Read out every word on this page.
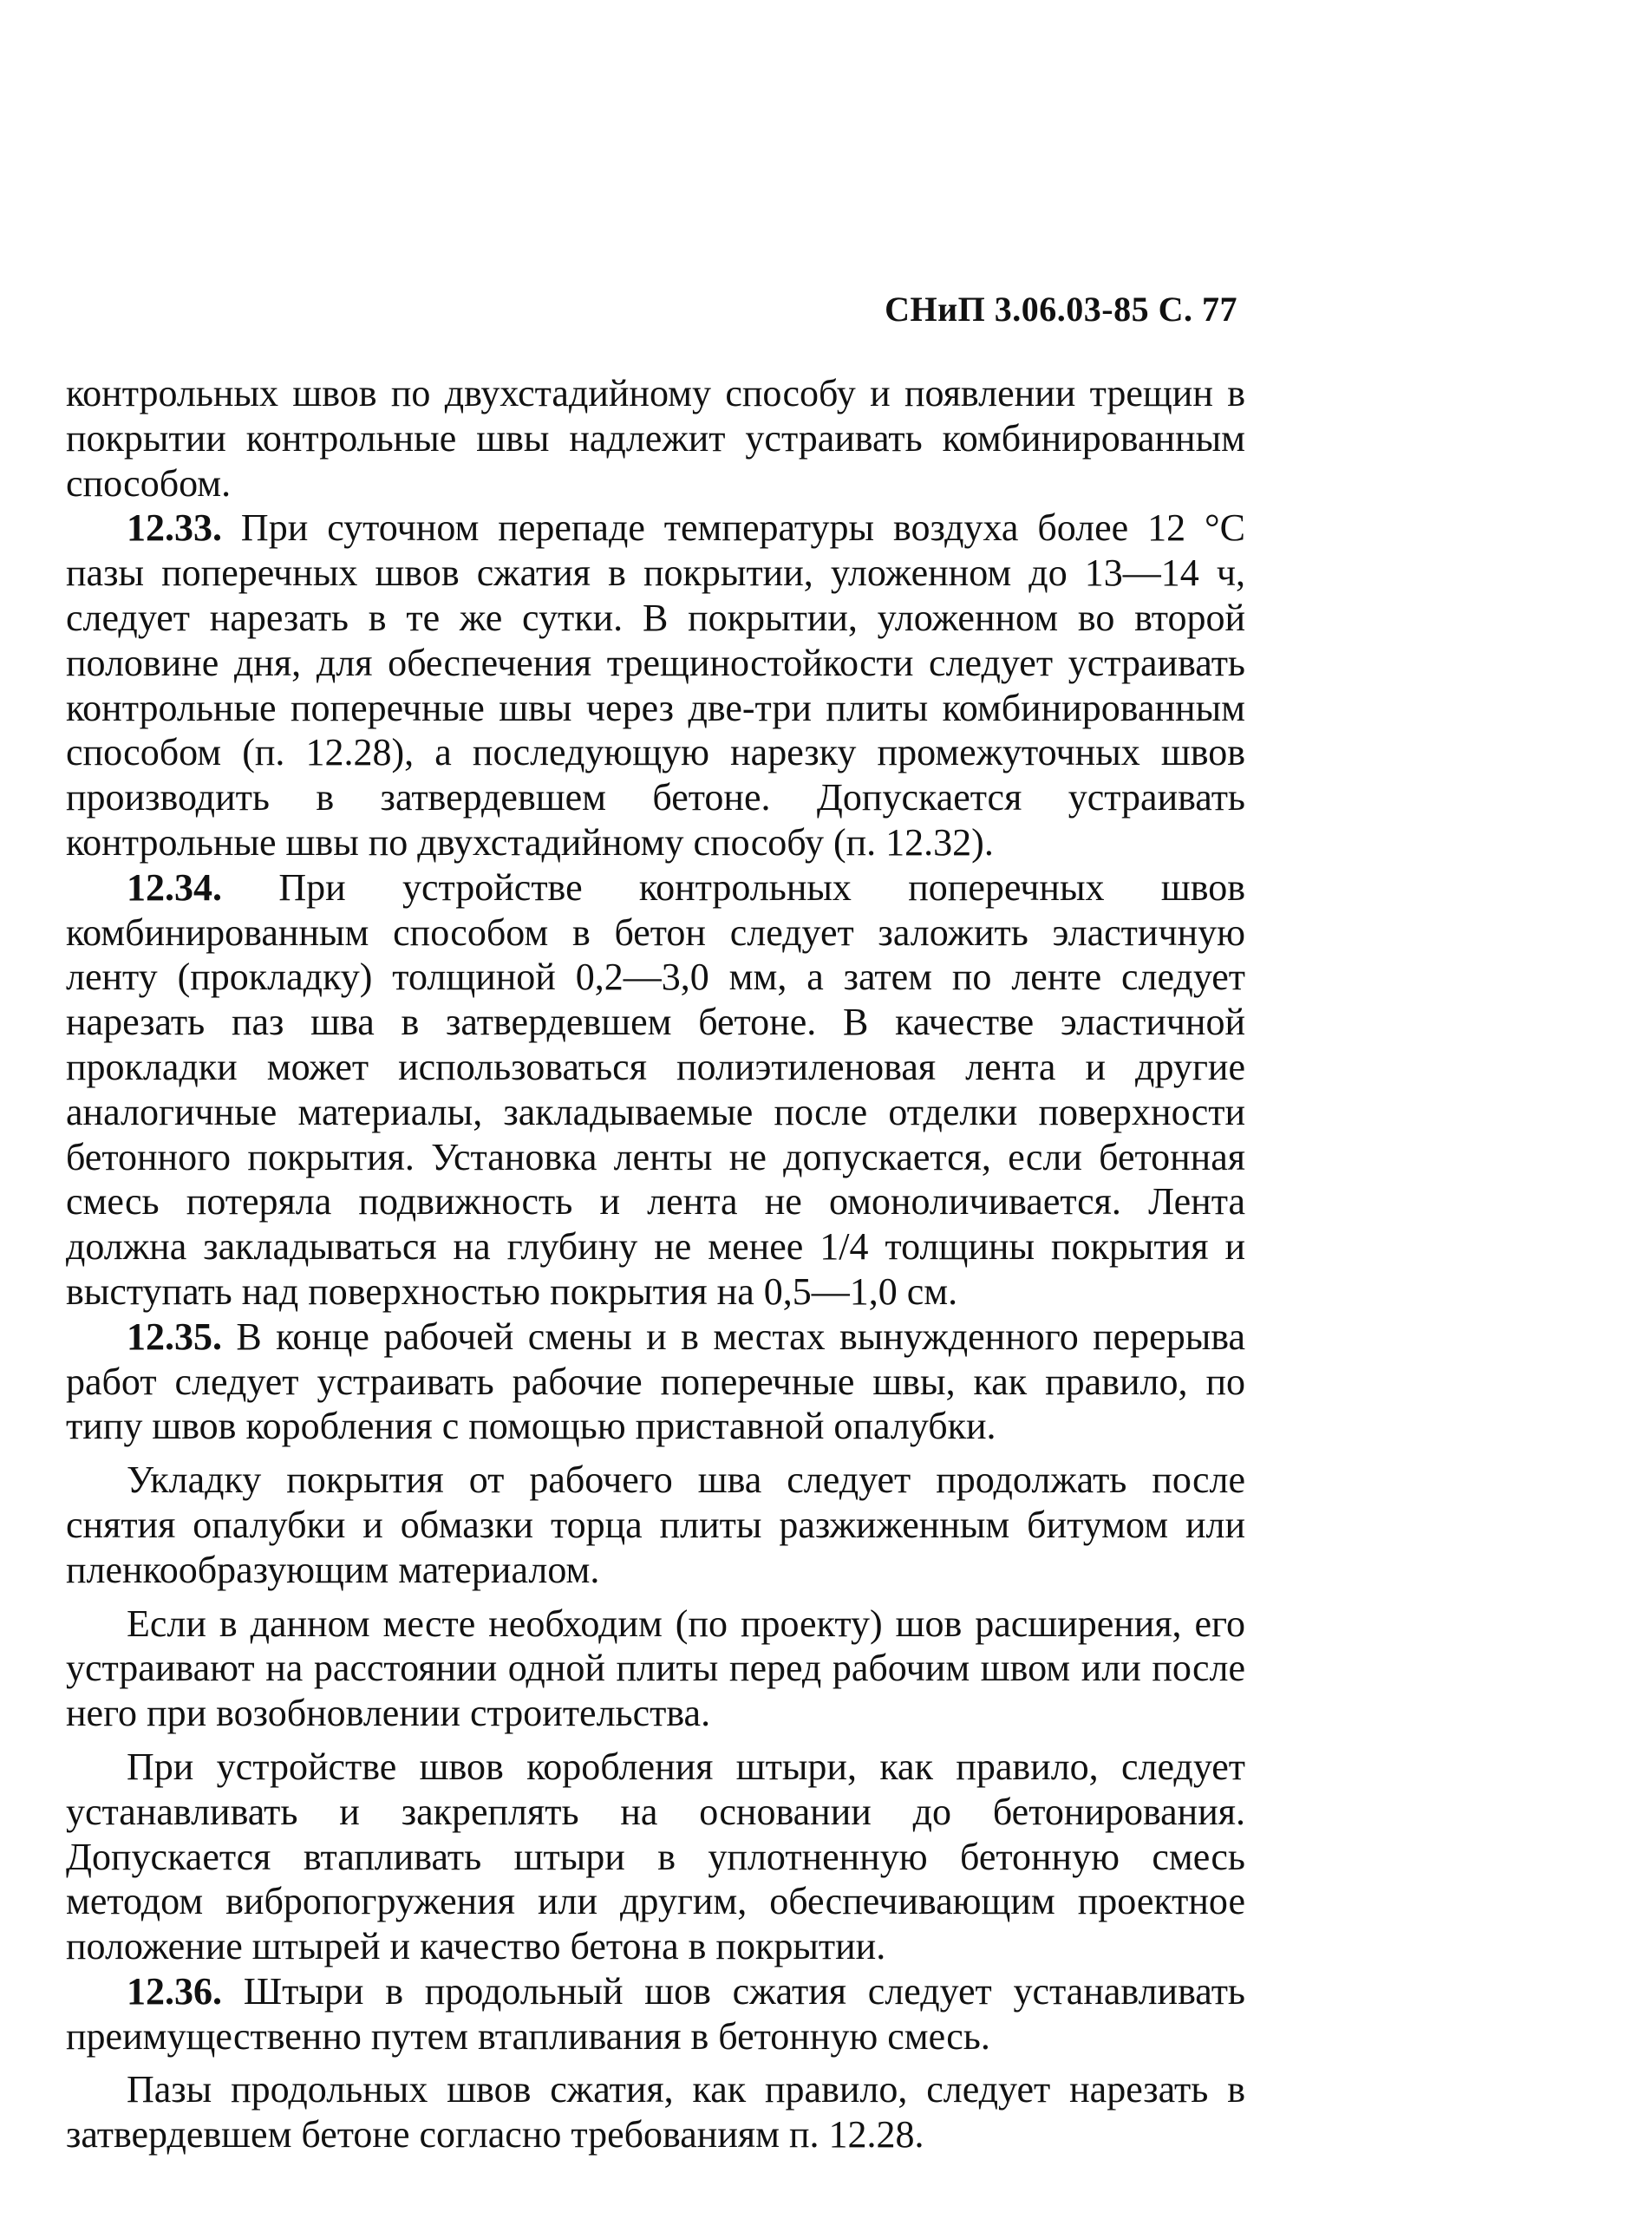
СНиП 3.06.03-85 С. 77

контрольных швов по двухстадийному способу и появлении трещин в покрытии контрольные швы надлежит устраивать комбинированным способом.

12.33. При суточном перепаде температуры воздуха более 12 °С пазы поперечных швов сжатия в покрытии, уложенном до 13—14 ч, следует нарезать в те же сутки. В покрытии, уложенном во второй половине дня, для обеспечения трещиностойкости следует устраивать контрольные поперечные швы через две-три плиты комбинированным способом (п. 12.28), а последующую нарезку промежуточных швов производить в затвердевшем бетоне. Допускается устраивать контрольные швы по двухстадийному способу (п. 12.32).

12.34. При устройстве контрольных поперечных швов комбинированным способом в бетон следует заложить эластичную ленту (прокладку) толщиной 0,2—3,0 мм, а затем по ленте следует нарезать паз шва в затвердевшем бетоне. В качестве эластичной прокладки может использоваться полиэтиленовая лента и другие аналогичные материалы, закладываемые после отделки поверхности бетонного покрытия. Установка ленты не допускается, если бетонная смесь потеряла подвижность и лента не омоноличивается. Лента должна закладываться на глубину не менее 1/4 толщины покрытия и выступать над поверхностью покрытия на 0,5—1,0 см.

12.35. В конце рабочей смены и в местах вынужденного перерыва работ следует устраивать рабочие поперечные швы, как правило, по типу швов коробления с помощью приставной опалубки.

Укладку покрытия от рабочего шва следует продолжать после снятия опалубки и обмазки торца плиты разжиженным битумом или пленкообразующим материалом.

Если в данном месте необходим (по проекту) шов расширения, его устраивают на расстоянии одной плиты перед рабочим швом или после него при возобновлении строительства.

При устройстве швов коробления штыри, как правило, следует устанавливать и закреплять на основании до бетонирования. Допускается втапливать штыри в уплотненную бетонную смесь методом вибропогружения или другим, обеспечивающим проектное положение штырей и качество бетона в покрытии.

12.36. Штыри в продольный шов сжатия следует устанавливать преимущественно путем втапливания в бетонную смесь.

Пазы продольных швов сжатия, как правило, следует нарезать в затвердевшем бетоне согласно требованиям п. 12.28.
